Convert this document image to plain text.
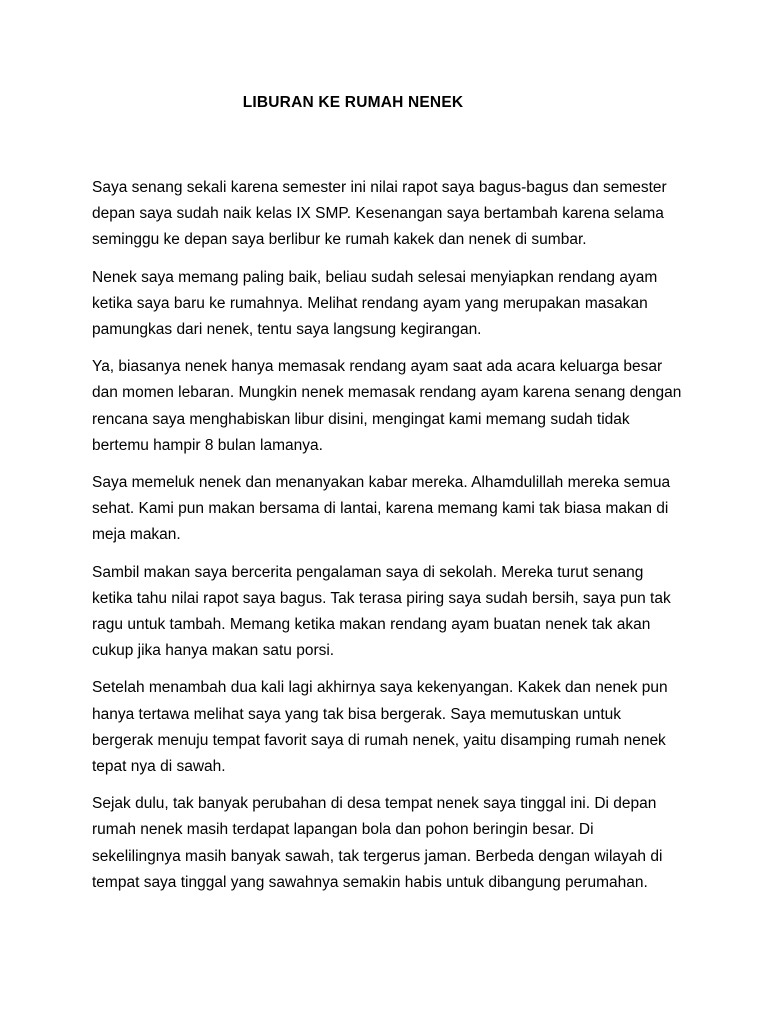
LIBURAN KE RUMAH NENEK

Saya senang sekali karena semester ini nilai rapot saya bagus-bagus dan semester depan saya sudah naik kelas IX SMP. Kesenangan saya bertambah karena selama seminggu ke depan saya berlibur ke rumah kakek dan nenek di sumbar.

Nenek saya memang paling baik, beliau sudah selesai menyiapkan rendang ayam ketika saya baru ke rumahnya. Melihat rendang ayam yang merupakan masakan pamungkas dari nenek, tentu saya langsung kegirangan.

Ya, biasanya nenek hanya memasak rendang ayam saat ada acara keluarga besar dan momen lebaran. Mungkin nenek memasak rendang ayam karena senang dengan rencana saya menghabiskan libur disini, mengingat kami memang sudah tidak bertemu hampir 8 bulan lamanya.

Saya memeluk nenek dan menanyakan kabar mereka. Alhamdulillah mereka semua sehat. Kami pun makan bersama di lantai, karena memang kami tak biasa makan di meja makan.

Sambil makan saya bercerita pengalaman saya di sekolah. Mereka turut senang ketika tahu nilai rapot saya bagus. Tak terasa piring saya sudah bersih, saya pun tak ragu untuk tambah. Memang ketika makan rendang ayam buatan nenek tak akan cukup jika hanya makan satu porsi.

Setelah menambah dua kali lagi akhirnya saya kekenyangan. Kakek dan nenek pun hanya tertawa melihat saya yang tak bisa bergerak. Saya memutuskan untuk bergerak menuju tempat favorit saya di rumah nenek, yaitu disamping rumah nenek tepat nya di sawah.

Sejak dulu, tak banyak perubahan di desa tempat nenek saya tinggal ini. Di depan rumah nenek masih terdapat lapangan bola dan pohon beringin besar. Di sekelilingnya masih banyak sawah, tak tergerus jaman. Berbeda dengan wilayah di tempat saya tinggal yang sawahnya semakin habis untuk dibangung perumahan.
